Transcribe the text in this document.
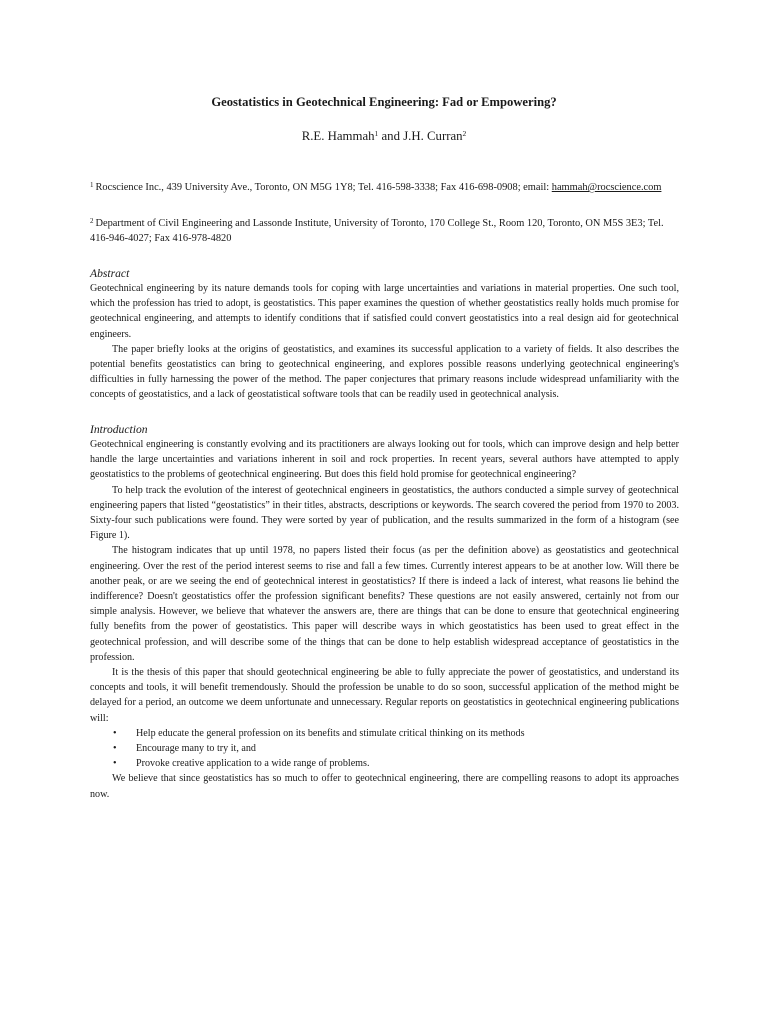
Geostatistics in Geotechnical Engineering: Fad or Empowering?
R.E. Hammah$^1$ and J.H. Curran$^2$
$^1$ Rocscience Inc., 439 University Ave., Toronto, ON M5G 1Y8; Tel. 416-598-3338; Fax 416-698-0908; email: hammah@rocscience.com
$^2$ Department of Civil Engineering and Lassonde Institute, University of Toronto, 170 College St., Room 120, Toronto, ON M5S 3E3; Tel. 416-946-4027; Fax 416-978-4820
Abstract

Geotechnical engineering by its nature demands tools for coping with large uncertainties and variations in material properties. One such tool, which the profession has tried to adopt, is geostatistics. This paper examines the question of whether geostatistics really holds much promise for geotechnical engineering, and attempts to identify conditions that if satisfied could convert geostatistics into a real design aid for geotechnical engineers.

The paper briefly looks at the origins of geostatistics, and examines its successful application to a variety of fields. It also describes the potential benefits geostatistics can bring to geotechnical engineering, and explores possible reasons underlying geotechnical engineering's difficulties in fully harnessing the power of the method. The paper conjectures that primary reasons include widespread unfamiliarity with the concepts of geostatistics, and a lack of geostatistical software tools that can be readily used in geotechnical analysis.

Introduction

Geotechnical engineering is constantly evolving and its practitioners are always looking out for tools, which can improve design and help better handle the large uncertainties and variations inherent in soil and rock properties. In recent years, several authors have attempted to apply geostatistics to the problems of geotechnical engineering. But does this field hold promise for geotechnical engineering?

To help track the evolution of the interest of geotechnical engineers in geostatistics, the authors conducted a simple survey of geotechnical engineering papers that listed “geostatistics” in their titles, abstracts, descriptions or keywords. The search covered the period from 1970 to 2003. Sixty-four such publications were found. They were sorted by year of publication, and the results summarized in the form of a histogram (see Figure 1).

The histogram indicates that up until 1978, no papers listed their focus (as per the definition above) as geostatistics and geotechnical engineering. Over the rest of the period interest seems to rise and fall a few times. Currently interest appears to be at another low. Will there be another peak, or are we seeing the end of geotechnical interest in geostatistics? If there is indeed a lack of interest, what reasons lie behind the indifference? Doesn't geostatistics offer the profession significant benefits? These questions are not easily answered, certainly not from our simple analysis. However, we believe that whatever the answers are, there are things that can be done to ensure that geotechnical engineering fully benefits from the power of geostatistics. This paper will describe ways in which geostatistics has been used to great effect in the geotechnical profession, and will describe some of the things that can be done to help establish widespread acceptance of geostatistics in the profession.

It is the thesis of this paper that should geotechnical engineering be able to fully appreciate the power of geostatistics, and understand its concepts and tools, it will benefit tremendously. Should the profession be unable to do so soon, successful application of the method might be delayed for a period, an outcome we deem unfortunate and unnecessary. Regular reports on geostatistics in geotechnical engineering publications will:

• Help educate the general profession on its benefits and stimulate critical thinking on its methods
• Encourage many to try it, and
• Provoke creative application to a wide range of problems.

We believe that since geostatistics has so much to offer to geotechnical engineering, there are compelling reasons to adopt its approaches now.
